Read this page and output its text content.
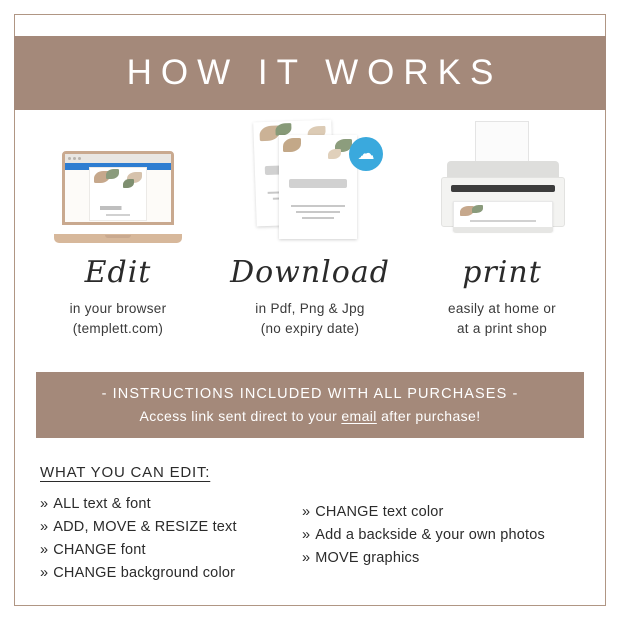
HOW IT WORKS
Edit
in your browser
(templett.com)
☁
Download
in Pdf, Png & Jpg
(no expiry date)
print
easily at home or
at a print shop
- INSTRUCTIONS INCLUDED WITH ALL PURCHASES -
Access link sent direct to your email after purchase!
WHAT YOU CAN EDIT:
» ALL text & font
» ADD, MOVE & RESIZE text
» CHANGE font
» CHANGE background color
» CHANGE text color
» Add a backside & your own photos
» MOVE graphics
